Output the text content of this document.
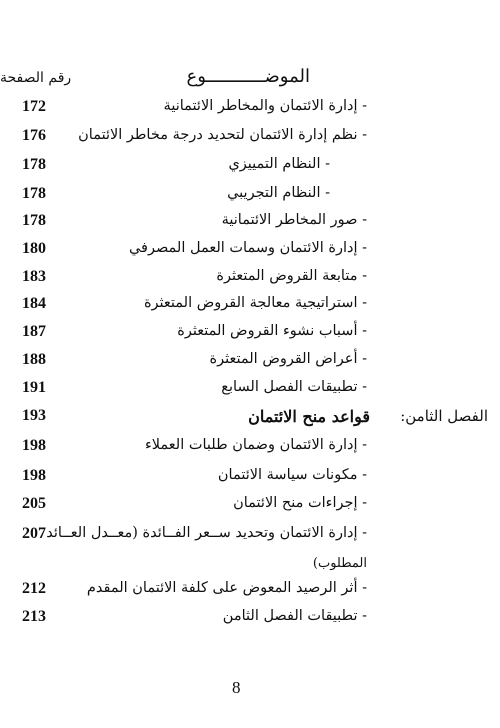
الموضـــــــــــوع
رقم الصفحة
172	- إدارة الائتمان والمخاطر الائتمانية
176 - نظم إدارة الائتمان لتحديد درجة مخاطر الائتمان
178	- النظام التمييزي
178	- النظام التجريبي
178	- صور المخاطر الائتمانية
180	- إدارة الائتمان وسمات العمل المصرفي
183	- متابعة القروض المتعثرة
184	- استراتيجية معالجة القروض المتعثرة
187	- أسباب نشوء القروض المتعثرة
188	- أعراض القروض المتعثرة
191	- تطبيقات الفصل السابع
193	قواعد منح الائتمان الفصل الثامن:
198	- إدارة الائتمان وضمان طلبات العملاء
198	- مكونات سياسة الائتمان
205	- إجراءات منح الائتمان
207 - إدارة الائتمان وتحديد ســعر الفــائدة (معــدل العــائد
المطلوب)
212	- أثر الرصيد المعوض على كلفة الائتمان المقدم
213	- تطبيقات الفصل الثامن
8
